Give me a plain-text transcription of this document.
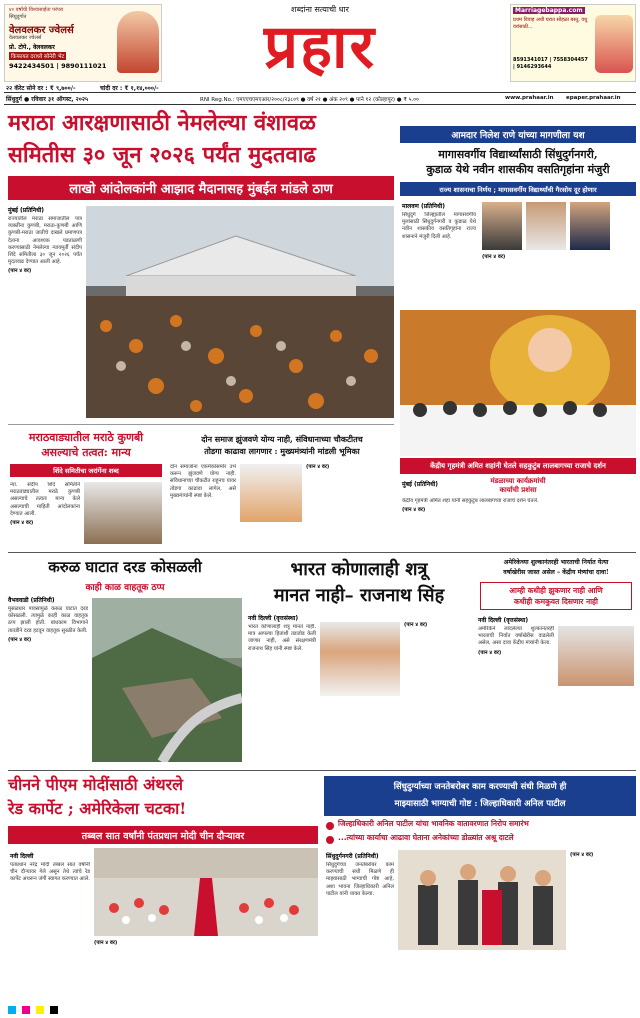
४० वर्षांची विश्वासार्हता परंपरा
सिंधुदुर्गात
वेलवलकर ज्वेलर्स
वेलवलकर ज्वेलर्स
प्रो. टोपे., वेलवलकर
किफायत दराध्ये सोनेरी भेट
9422434501 | 9890111021
२२ कॅरेट सोने दर : ₹ ९,७००/-	चांदी दर : ₹ १,१४,०००/-
शब्दांना सत्याची धार
प्रहार
Marriagebappa.com
प्रथम विवाह अधी घरात सोहळा बस्तु, वधु वरांसाठी...
8591341017 | 7558304457 | 9146293644
सिंधुदुर्ग ● रविवार ३१ ऑगस्ट, २०२५	RNI Reg.No.: एमएएचएमएआर/२००८/२३८०९ ● वर्ष २१ ● अंक २०९ ● पाने १२ (कोल्हापूर) ● ₹ ५.००	www.prahaar.in epaper.prahaar.in
मराठा आरक्षणासाठी नेमलेल्या वंशावळ
समितीस ३० जून २०२६ पर्यंत मुदतवाढ
लाखो आंदोलकांनी आझाद मैदानासह मुंबईत मांडले ठाण
मुंबई (प्रतिनिधी)

राज्यातील मराठा समाजातील पात्र व्यक्तींना कुणबी, मराठा-कुणबी आणि कुणबी-मराठा जातीचे दाखले प्रमाणपत्र देताना आवश्यक पडताळणी करण्यासाठी नेमलेल्या न्यायमूर्ती संदीप शिंदे समितीला ३० जून २०२६ पर्यंत मुदतवाढ देण्यात आली आहे.

(पान ४ वर)

आमदार निलेश राणे यांच्या मागणीला यश
मागासवर्गीय विद्यार्थ्यांसाठी सिंधुदुर्गनगरी,
कुडाळ येथे नवीन शासकीय वसतिगृहांना मंजुरी
राज्य शासनाचा निर्णय ; मागासवर्गीय विद्यार्थ्यांची गैरसोय दूर होणार
मालवण (प्रतिनिधी)

सिंधुदुर्ग जिल्ह्यातील मागासवर्गीय मुलांसाठी सिंधुदुर्गनगरी व कुडाळ येथे नवीन शासकीय वसतिगृहांना राज्य शासनाने मंजुरी दिली आहे.

(पान ४ वर)

केंद्रीय गृहमंत्री अमित शहांनी घेतले सहकुटुंब लालबागच्या राजाचे दर्शन
मुंबई (प्रतिनिधी)	मंडळाच्या कार्यक्रमांची
कार्याची प्रशंसा

केंद्रीय गृहमंत्री अमित शहा यांनी सहकुटुंब लालबागच्या राजाचे दर्शन घेतले.

(पान ४ वर)

मराठवाड्यातील मराठे कुणबी
असल्याचे तत्वत: मान्य
शिंदे समितीचा जरांगेंना शब्द

न्या. संदीप शिंदे समितीने मराठवाड्यातील मराठे कुणबी असल्याचे तत्वतः मान्य केले असल्याची माहिती आंदोलकांना देण्यात आली.

(पान ४ वर)

दोन समाज झुंजवणे योग्य नाही, संविधानाच्या चौकटीतच
तोडगा काढावा लागणार : मुख्यमंत्र्यांनी मांडली भूमिका

दोन समाजांना एकमेकांसमोर उभे करून झुंजवणे योग्य नाही. संविधानाच्या चौकटीत राहूनच यावर तोडगा काढावा लागेल, असे मुख्यमंत्र्यांनी स्पष्ट केले.

(पान ४ वर)

करुळ घाटात दरड कोसळली
काही काळ वाहतूक ठप्प
वैभववाडी (प्रतिनिधी)

मुसळधार पावसामुळे करुळ घाटात दरड कोसळली. त्यामुळे काही काळ वाहतूक ठप्प झाली होती. बांधकाम विभागाने तातडीने दरड हटवून वाहतूक सुरळीत केली.

(पान ४ वर)

भारत कोणालाही शत्रू
मानत नाही– राजनाथ सिंह
नवी दिल्ली (वृत्तसंस्था)

भारत कोणालाही शत्रू मानत नाही, मात्र आपल्या हितांशी तडजोड केली जाणार नाही, असे संरक्षणमंत्री राजनाथ सिंह यांनी स्पष्ट केले.

(पान ४ वर)

अमेरिकेच्या शुल्कानंतरही भारताची निर्यात येत्या
वर्षाखेरीस जास्त असेल – केंद्रीय मंत्र्यांचा दावा!
आम्ही कधीही झुकणार नाही आणि
कधीही कमकुवत दिसणार नाही
नवी दिल्ली (वृत्तसंस्था)

अमेरिकेने लादलेल्या शुल्कानंतरही भारताची निर्यात वर्षाखेरीस वाढलेली असेल, असा दावा केंद्रीय मंत्र्यांनी केला.

(पान ४ वर)

चीनने पीएम मोदींसाठी अंथरले
रेड कार्पेट ; अमेरिकेला चटका!
तब्बल सात वर्षांनी पंतप्रधान मोदी चीन दौऱ्यावर
नवी दिल्ली

पंतप्रधान नरेंद्र मोदी तब्बल सात वर्षांनी चीन दौऱ्यावर गेले असून तेथे त्यांचे रेड कार्पेट अंथरून जंगी स्वागत करण्यात आले.

(पान ४ वर)

सिंधुदुर्ग्याच्या जनतेबरोबर काम करण्याची संधी मिळणे ही
माझ्यासाठी भाग्याची गोष्ट : जिल्हाधिकारी अनिल पाटील
जिल्हाधिकारी अनिल पाटील यांचा भावनिक वातावरणात निरोप समारंभ
...त्यांच्या कार्याचा आढावा घेताना अनेकांच्या डोळ्यांत अश्रू दाटले
सिंधुदुर्गनगरी (प्रतिनिधी)

सिंधुदुर्गच्या जनतेबरोबर काम करण्याची संधी मिळणे ही माझ्यासाठी भाग्याची गोष्ट आहे, अशा भावना जिल्हाधिकारी अनिल पाटील यांनी व्यक्त केल्या.

(पान ४ वर)
